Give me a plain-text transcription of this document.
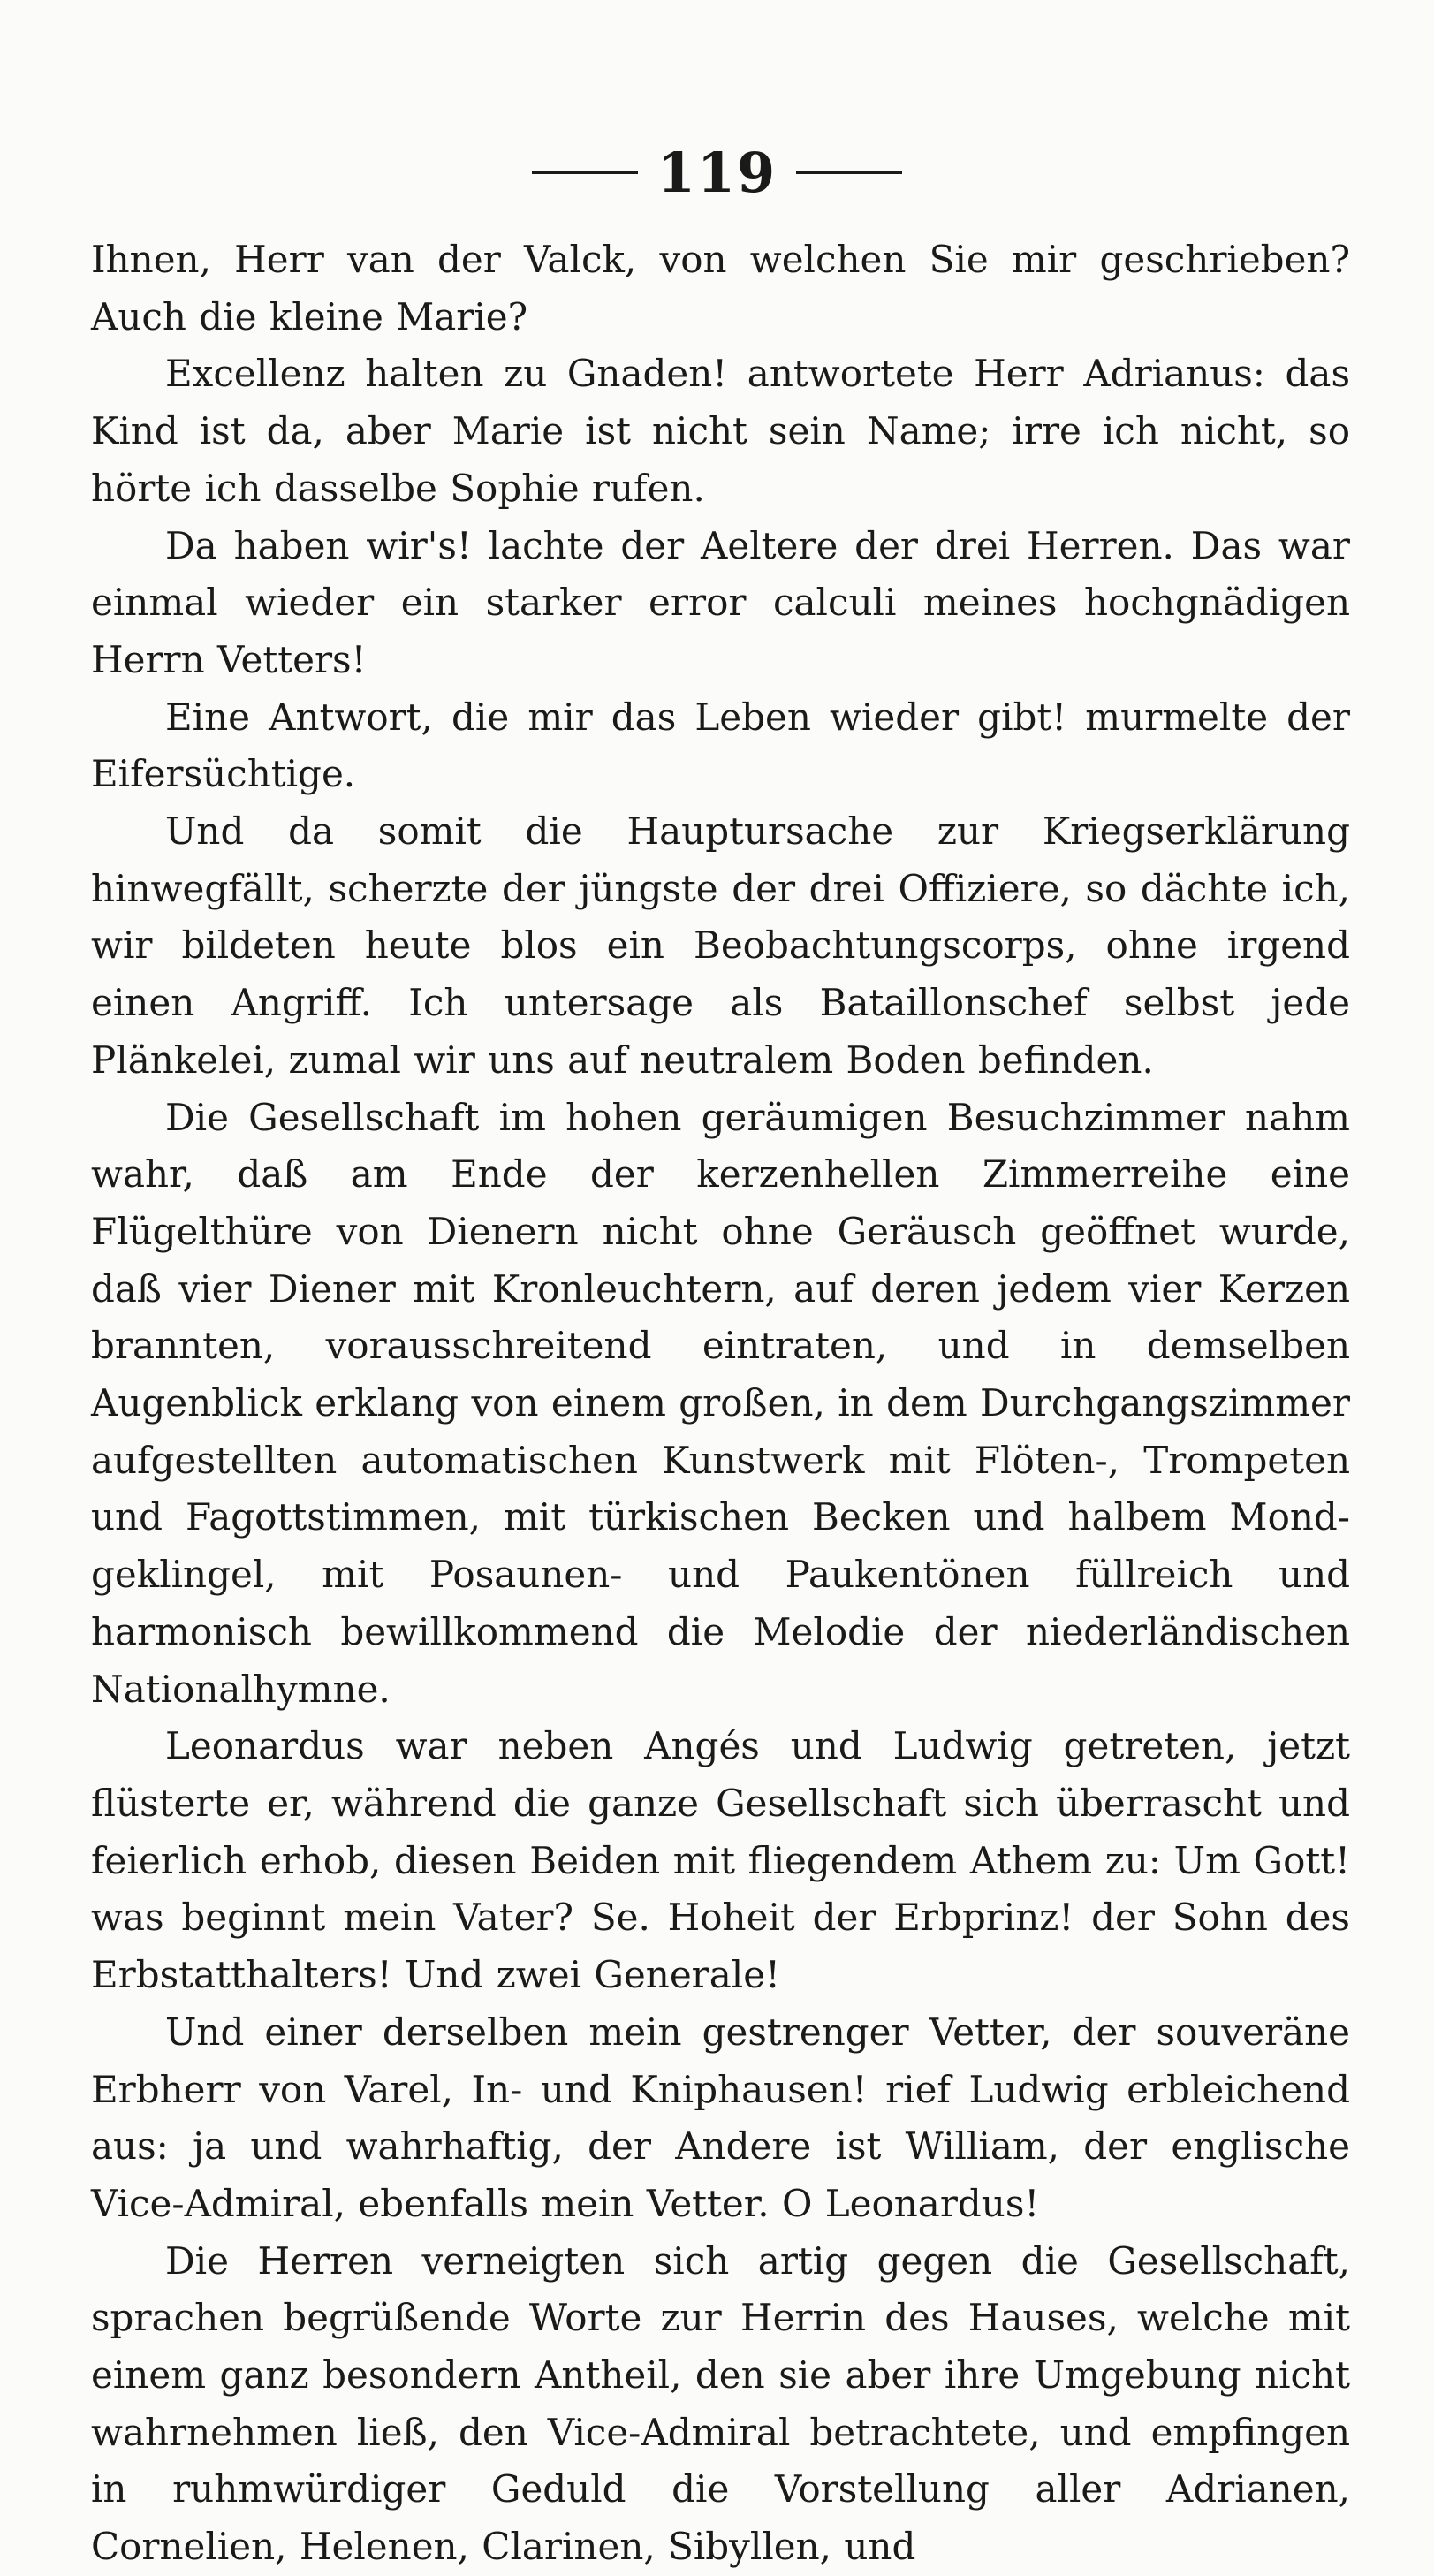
119

Ihnen, Herr van der Valck, von welchen Sie mir geschrieben? Auch die kleine Marie?

Excellenz halten zu Gnaden! antwortete Herr Adrianus: das Kind ist da, aber Marie ist nicht sein Name; irre ich nicht, so hörte ich dasselbe Sophie rufen.

Da haben wir's! lachte der Aeltere der drei Herren. Das war einmal wieder ein starker error calculi meines hochgnädigen Herrn Vetters!

Eine Antwort, die mir das Leben wieder gibt! murmelte der Eifersüchtige.

Und da somit die Hauptursache zur Kriegserklärung hinwegfällt, scherzte der jüngste der drei Offiziere, so dächte ich, wir bildeten heute blos ein Beobachtungscorps, ohne irgend einen Angriff. Ich untersage als Bataillonschef selbst jede Plänkelei, zumal wir uns auf neutralem Boden befinden.

Die Gesellschaft im hohen geräumigen Besuchzimmer nahm wahr, daß am Ende der kerzenhellen Zimmerreihe eine Flügelthüre von Dienern nicht ohne Geräusch geöffnet wurde, daß vier Diener mit Kronleuchtern, auf deren jedem vier Kerzen brannten, vorausschreitend eintraten, und in demselben Augenblick erklang von einem großen, in dem Durchgangszimmer aufgestellten automatischen Kunstwerk mit Flöten-, Trompeten und Fagottstimmen, mit türkischen Becken und halbem Mondgeklingel, mit Posaunen- und Paukentönen füllreich und harmonisch bewillkommend die Melodie der niederländischen Nationalhymne.

Leonardus war neben Angés und Ludwig getreten, jetzt flüsterte er, während die ganze Gesellschaft sich überrascht und feierlich erhob, diesen Beiden mit fliegendem Athem zu: Um Gott! was beginnt mein Vater? Se. Hoheit der Erbprinz! der Sohn des Erbstatthalters! Und zwei Generale!

Und einer derselben mein gestrenger Vetter, der souveräne Erbherr von Varel, In- und Kniphausen! rief Ludwig erbleichend aus: ja und wahrhaftig, der Andere ist William, der englische Vice-Admiral, ebenfalls mein Vetter. O Leonardus!

Die Herren verneigten sich artig gegen die Gesellschaft, sprachen begrüßende Worte zur Herrin des Hauses, welche mit einem ganz besondern Antheil, den sie aber ihre Umgebung nicht wahrnehmen ließ, den Vice-Admiral betrachtete, und empfingen in ruhmwürdiger Geduld die Vorstellung aller Adrianen, Cornelien, Helenen, Clarinen, Sibyllen, und
